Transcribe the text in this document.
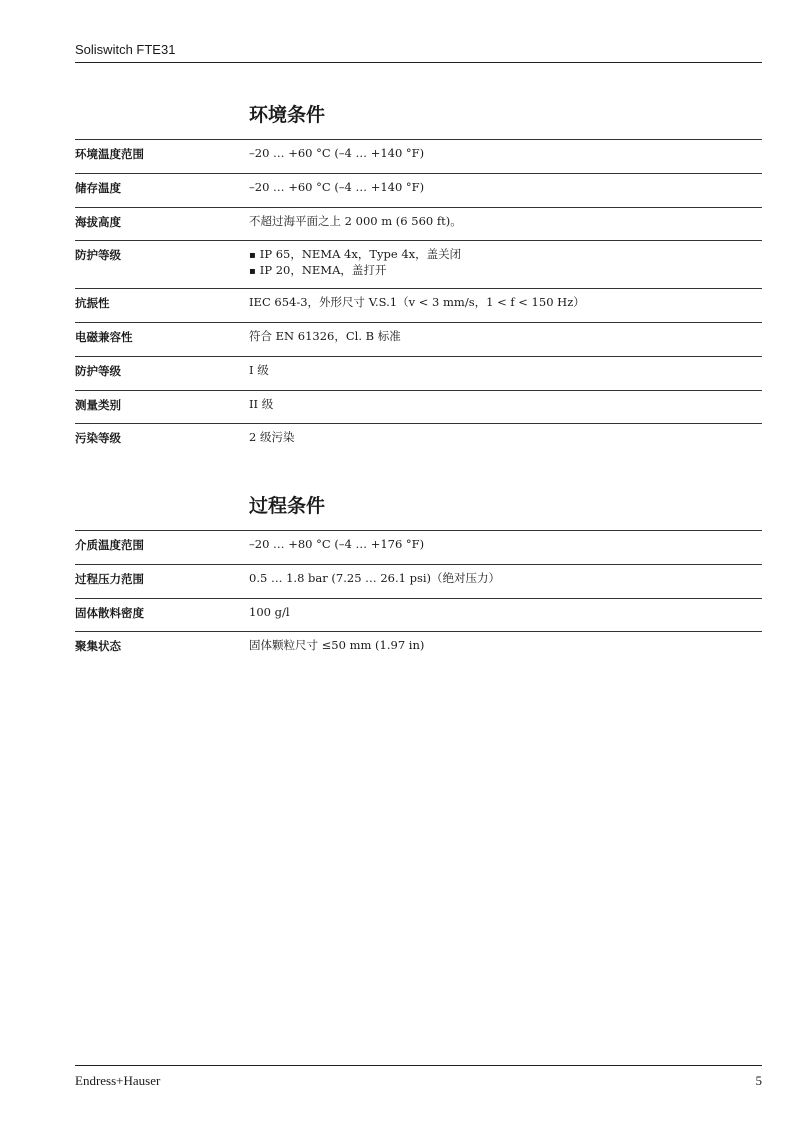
Soliswitch FTE31
环境条件
环境温度范围	–20 … +60 °C (–4 … +140 °F)
储存温度	–20 … +60 °C (–4 … +140 °F)
海拔高度	不超过海平面之上 2 000 m (6 560 ft)。
防护等级
▪	IP 65，NEMA 4x，Type 4x，盖关闭
▪ IP 20，NEMA，盖打开
抗振性	IEC 654-3，外形尺寸 V.S.1（v < 3 mm/s，1 < f < 150 Hz）
电磁兼容性	符合 EN 61326，Cl. B 标准
防护等级	I 级
测量类别	II 级
污染等级	2 级污染
过程条件
介质温度范围	–20 … +80 °C (–4 … +176 °F)
过程压力范围	0.5 … 1.8 bar (7.25 … 26.1 psi)（绝对压力）
固体散料密度	100 g/l
聚集状态	固体颗粒尺寸 ≤50 mm (1.97 in)
Endress+Hauser	5
